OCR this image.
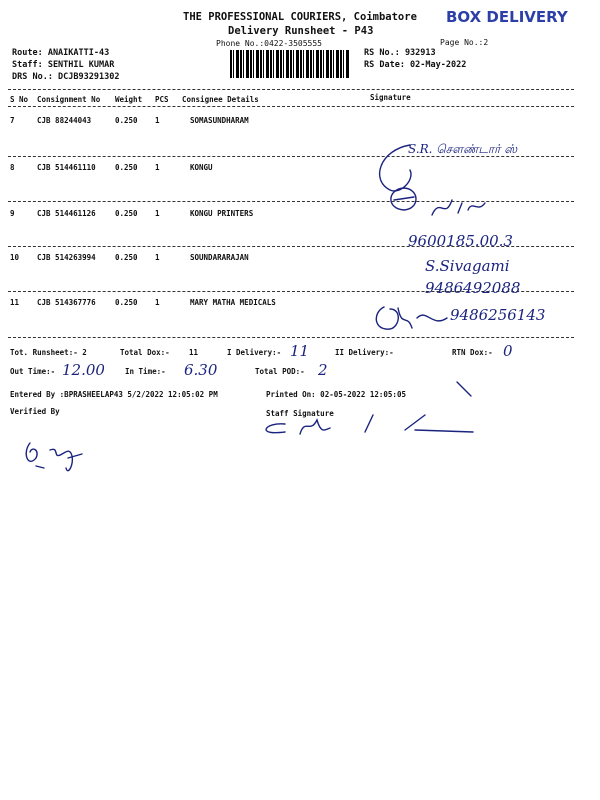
THE PROFESSIONAL COURIERS, Coimbatore
Delivery Runsheet - P43
Phone No.:0422-3505555	Page No.:2
BOX DELIVERY
Route: ANAIKATTI-43
Staff: SENTHIL KUMAR
DRS No.: DCJB93291302
RS No.: 932913
RS Date: 02-May-2022
S No Consignment No Weight PCS Consignee Details	Signature
7	CJB 88244043	0.250 1	SOMASUNDHARAM
8	CJB 514461110	0.250 1	KONGU
9	CJB 514461126	0.250 1	KONGU PRINTERS
10 CJB 514263994	0.250 1	SOUNDARARAJAN
11 CJB 514367776	0.250 1	MARY MATHA MEDICALS
S.R. சௌண்டார் ஸ்
9600185.00.3
S.Sivagami
9486492088
9486256143
Tot. Runsheet:- 2	Total Dox:-	11	I Delivery:- 11	II Delivery:-	RTN Dox:- 0
Out Time:- 12.00	In Time:- 6.30	Total POD:- 2
Entered By :BPRASHEELAP43 5/2/2022 12:05:02 PM	Printed On: 02-05-2022 12:05:05
Verified By	Staff Signature
